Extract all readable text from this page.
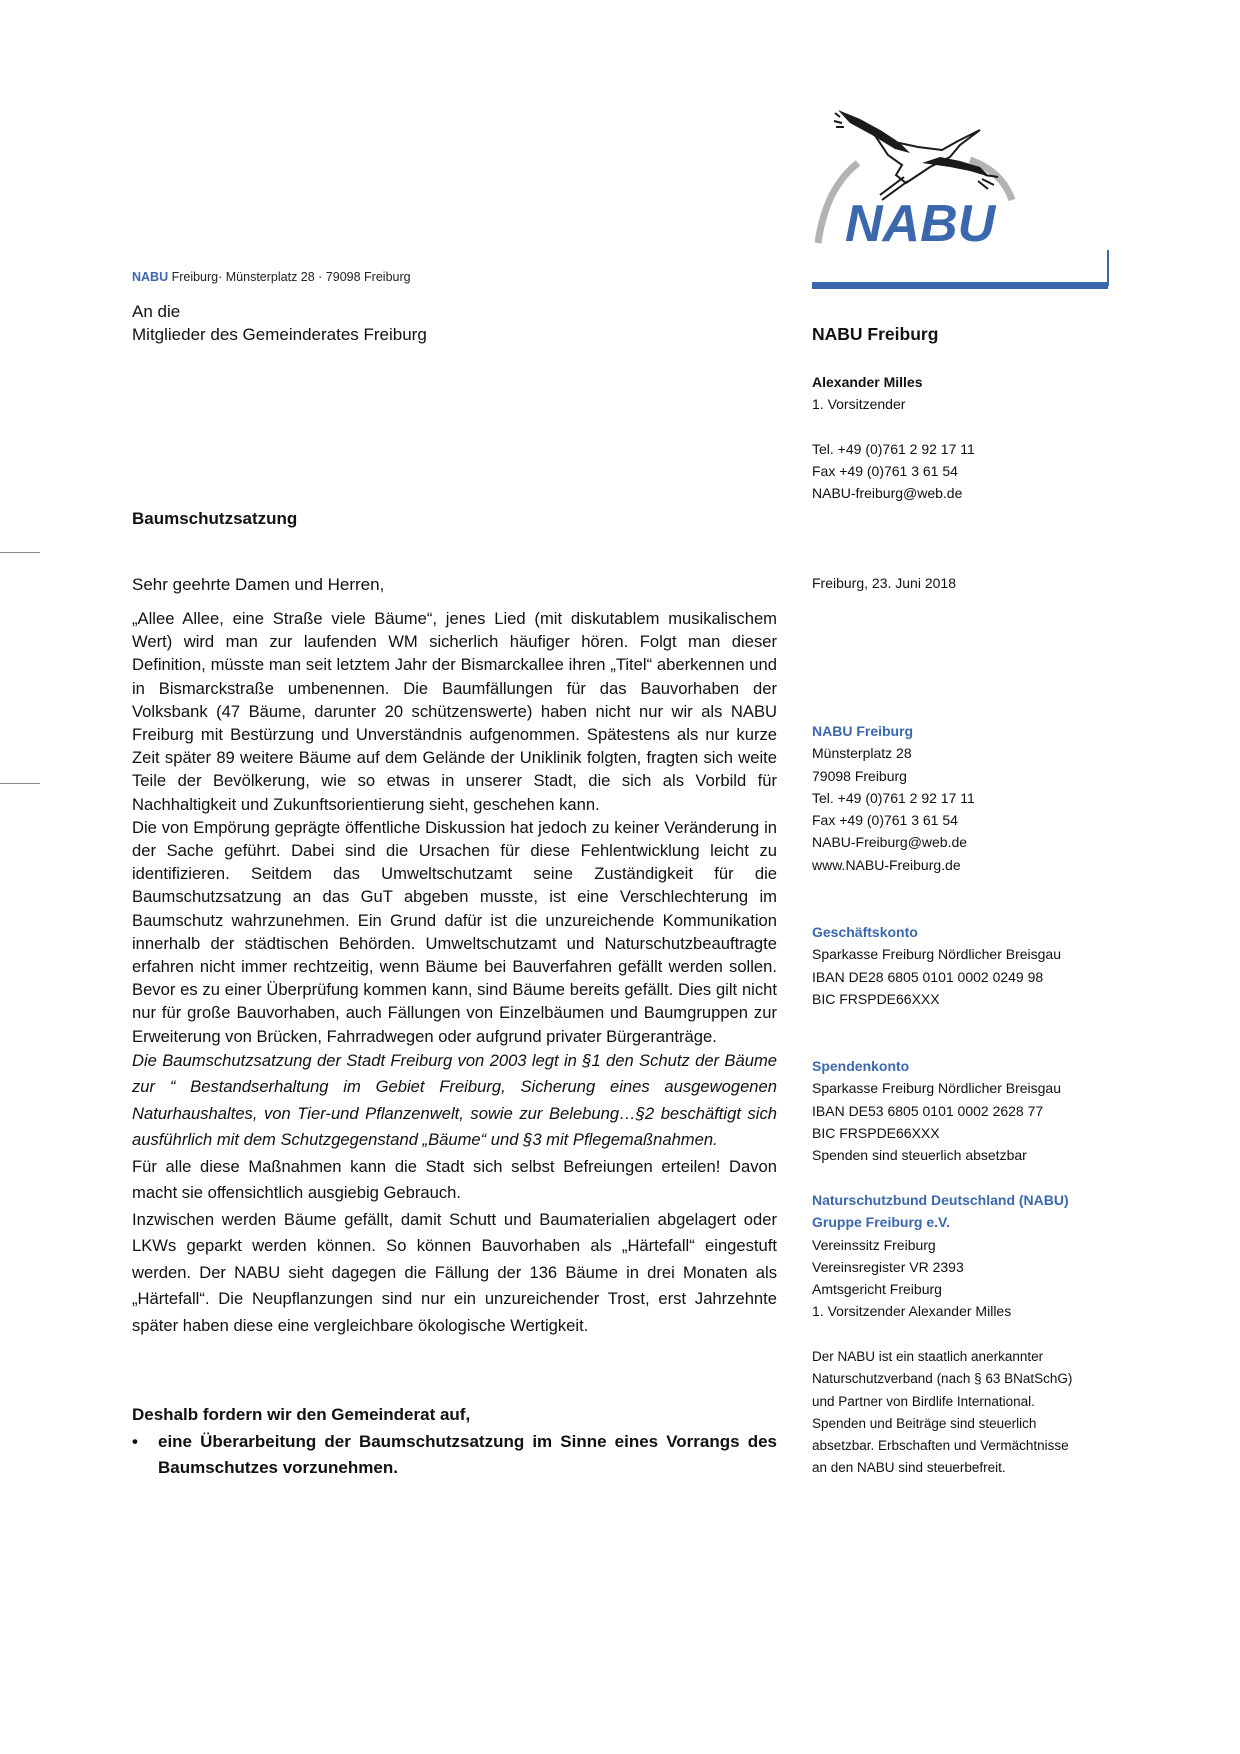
NABU
NABU Freiburg· Münsterplatz 28 · 79098 Freiburg
An die
Mitglieder des Gemeinderates Freiburg	NABU Freiburg
Alexander Milles
1. Vorsitzender
Tel. +49 (0)761 2 92 17 11
Fax +49 (0)761 3 61 54
NABU-freiburg@web.de
Freiburg, 23. Juni 2018
Baumschutzsatzung
Sehr geehrte Damen und Herren,

„Allee Allee, eine Straße viele Bäume“, jenes Lied (mit diskutablem musikalischem Wert) wird man zur laufenden WM sicherlich häufiger hören. Folgt man dieser Definition, müsste man seit letztem Jahr der Bismarckallee ihren „Titel“ aberkennen und in Bismarckstraße umbenennen. Die Baumfällungen für das Bauvorhaben der Volksbank (47 Bäume, darunter 20 schützenswerte) haben nicht nur wir als NABU Freiburg mit Bestürzung und Unverständnis aufgenommen. Spätestens als nur kurze Zeit später 89 weitere Bäume auf dem Gelände der Uniklinik folgten, fragten sich weite Teile der Bevölkerung, wie so etwas in unserer Stadt, die sich als Vorbild für Nachhaltigkeit und Zukunftsorientierung sieht, geschehen kann.

Die von Empörung geprägte öffentliche Diskussion hat jedoch zu keiner Veränderung in der Sache geführt. Dabei sind die Ursachen für diese Fehlentwicklung leicht zu identifizieren. Seitdem das Umweltschutzamt seine Zuständigkeit für die Baumschutzsatzung an das GuT abgeben musste, ist eine Verschlechterung im Baumschutz wahrzunehmen. Ein Grund dafür ist die unzureichende Kommunikation innerhalb der städtischen Behörden. Umweltschutzamt und Naturschutzbeauftragte erfahren nicht immer rechtzeitig, wenn Bäume bei Bauverfahren gefällt werden sollen. Bevor es zu einer Überprüfung kommen kann, sind Bäume bereits gefällt. Dies gilt nicht nur für große Bauvorhaben, auch Fällungen von Einzelbäumen und Baumgruppen zur Erweiterung von Brücken, Fahrradwegen oder aufgrund privater Bürgeranträge.

Die Baumschutzsatzung der Stadt Freiburg von 2003 legt in §1 den Schutz der Bäume zur “ Bestandserhaltung im Gebiet Freiburg, Sicherung eines ausgewogenen Naturhaushaltes, von Tier-und Pflanzenwelt, sowie zur Belebung…§2 beschäftigt sich ausführlich mit dem Schutzgegenstand „Bäume“ und §3 mit Pflegemaßnahmen.

Für alle diese Maßnahmen kann die Stadt sich selbst Befreiungen erteilen! Davon macht sie offensichtlich ausgiebig Gebrauch.

Inzwischen werden Bäume gefällt, damit Schutt und Baumaterialien abgelagert oder LKWs geparkt werden können. So können Bauvorhaben als „Härtefall“ eingestuft werden. Der NABU sieht dagegen die Fällung der 136 Bäume in drei Monaten als „Härtefall“. Die Neupflanzungen sind nur ein unzureichender Trost, erst Jahrzehnte später haben diese eine vergleichbare ökologische Wertigkeit.

Deshalb fordern wir den Gemeinderat auf,
• eine Überarbeitung der Baumschutzsatzung im Sinne eines Vorrangs des Baumschutzes vorzunehmen.
NABU Freiburg
Münsterplatz 28
79098 Freiburg
Tel. +49 (0)761 2 92 17 11
Fax +49 (0)761 3 61 54
NABU-Freiburg@web.de
www.NABU-Freiburg.de
Geschäftskonto
Sparkasse Freiburg Nördlicher Breisgau
IBAN DE28 6805 0101 0002 0249 98
BIC FRSPDE66XXX
Spendenkonto
Sparkasse Freiburg Nördlicher Breisgau
IBAN DE53 6805 0101 0002 2628 77
BIC FRSPDE66XXX
Spenden sind steuerlich absetzbar
Naturschutzbund Deutschland (NABU)
Gruppe Freiburg e.V.
Vereinssitz Freiburg
Vereinsregister VR 2393
Amtsgericht Freiburg
1. Vorsitzender Alexander Milles
Der NABU ist ein staatlich anerkannter
Naturschutzverband (nach § 63 BNatSchG)
und Partner von Birdlife International.
Spenden und Beiträge sind steuerlich
absetzbar. Erbschaften und Vermächtnisse
an den NABU sind steuerbefreit.
